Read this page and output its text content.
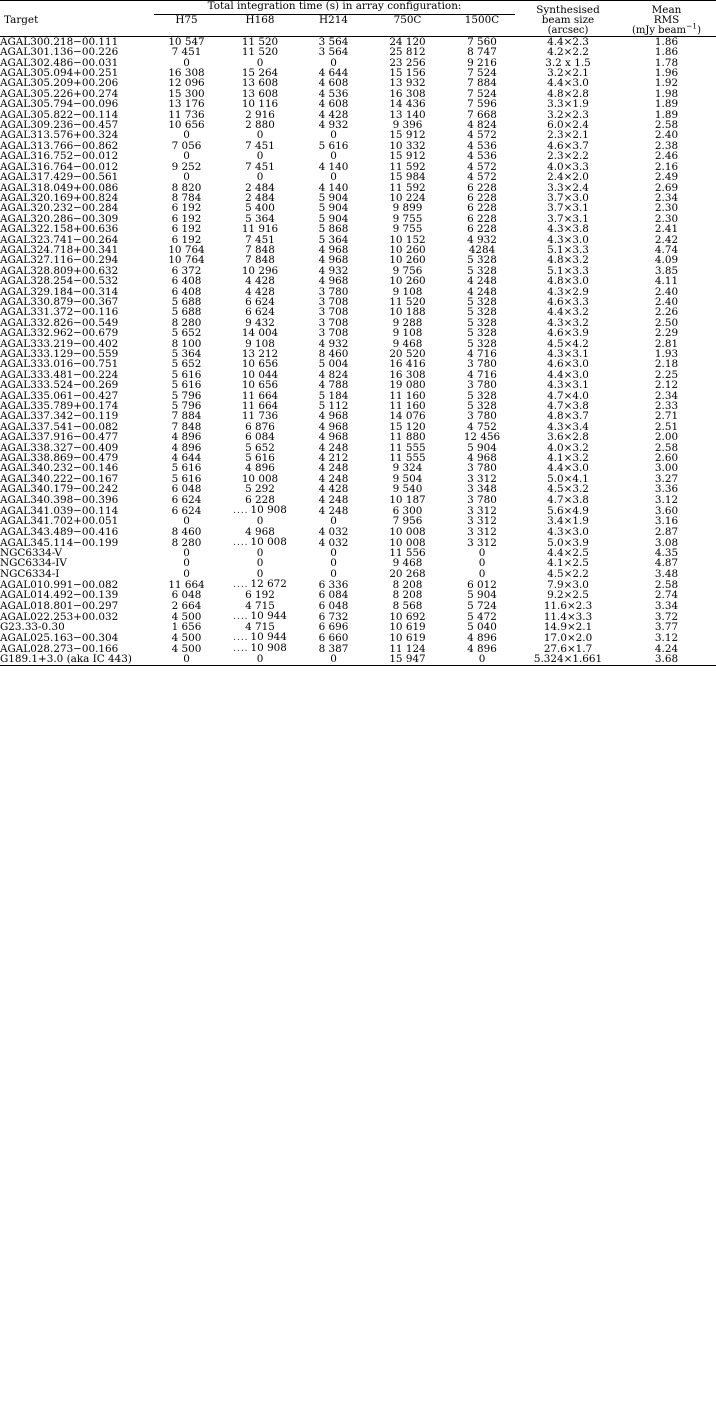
	Total integration time (s) in array configuration:					Synthesised	Mean
Target	H75	H168	H214	750C	1500C	beam size	RMS
						(arcsec)	(mJy beam$^{-1}$)

AGAL300.218−00.111	10 547	11 520	3 564	24 120	7 560	4.4×2.3	1.86
AGAL301.136−00.226	7 451	11 520	3 564	25 812	8 747	4.2×2.2	1.86
AGAL302.486−00.031	0	0	0	23 256	9 216	3.2 x 1.5	1.78
AGAL305.094+00.251	16 308	15 264	4 644	15 156	7 524	3.2×2.1	1.96
AGAL305.209+00.206	12 096	13 608	4 608	13 932	7 884	4.4×3.0	1.92
AGAL305.226+00.274	15 300	13 608	4 536	16 308	7 524	4.8×2.8	1.98
AGAL305.794−00.096	13 176	10 116	4 608	14 436	7 596	3.3×1.9	1.89
AGAL305.822−00.114	11 736	2 916	4 428	13 140	7 668	3.2×2.3	1.89
AGAL309.236−00.457	10 656	2 880	4 932	9 396	4 824	6.0×2.4	2.58
AGAL313.576+00.324	0	0	0	15 912	4 572	2.3×2.1	2.40
AGAL313.766−00.862	7 056	7 451	5 616	10 332	4 536	4.6×3.7	2.38
AGAL316.752−00.012	0	0	0	15 912	4 536	2.3×2.2	2.46
AGAL316.764−00.012	9 252	7 451	4 140	11 592	4 572	4.0×3.3	2.16
AGAL317.429−00.561	0	0	0	15 984	4 572	2.4×2.0	2.49
AGAL318.049+00.086	8 820	2 484	4 140	11 592	6 228	3.3×2.4	2.69
AGAL320.169+00.824	8 784	2 484	5 904	10 224	6 228	3.7×3.0	2.34
AGAL320.232−00.284	6 192	5 400	5 904	9 899	6 228	3.7×3.1	2.30
AGAL320.286−00.309	6 192	5 364	5 904	9 755	6 228	3.7×3.1	2.30
AGAL322.158+00.636	6 192	11 916	5 868	9 755	6 228	4.3×3.8	2.41
AGAL323.741−00.264	6 192	7 451	5 364	10 152	4 932	4.3×3.0	2.42
AGAL324.718+00.341	10 764	7 848	4 968	10 260	4284	5.1×3.3	4.74
AGAL327.116−00.294	10 764	7 848	4 968	10 260	5 328	4.8×3.2	4.09
AGAL328.809+00.632	6 372	10 296	4 932	9 756	5 328	5.1×3.3	3.85
AGAL328.254−00.532	6 408	4 428	4 968	10 260	4 248	4.8×3.0	4.11
AGAL329.184−00.314	6 408	4 428	3 780	9 108	4 248	4.3×2.9	2.40
AGAL330.879−00.367	5 688	6 624	3 708	11 520	5 328	4.6×3.3	2.40
AGAL331.372−00.116	5 688	6 624	3 708	10 188	5 328	4.4×3.2	2.26
AGAL332.826−00.549	8 280	9 432	3 708	9 288	5 328	4.3×3.2	2.50
AGAL332.962−00.679	5 652	14 004	3 708	9 108	5 328	4.6×3.9	2.29
AGAL333.219−00.402	8 100	9 108	4 932	9 468	5 328	4.5×4.2	2.81
AGAL333.129−00.559	5 364	13 212	8 460	20 520	4 716	4.3×3.1	1.93
AGAL333.016−00.751	5 652	10 656	5 004	16 416	3 780	4.6×3.0	2.18
AGAL333.481−00.224	5 616	10 044	4 824	16 308	4 716	4.4×3.0	2.25
AGAL333.524−00.269	5 616	10 656	4 788	19 080	3 780	4.3×3.1	2.12
AGAL335.061−00.427	5 796	11 664	5 184	11 160	5 328	4.7×4.0	2.34
AGAL335.789+00.174	5 796	11 664	5 112	11 160	5 328	4.7×3.8	2.33
AGAL337.342−00.119	7 884	11 736	4 968	14 076	3 780	4.8×3.7	2.71
AGAL337.541−00.082	7 848	6 876	4 968	15 120	4 752	4.3×3.4	2.51
AGAL337.916−00.477	4 896	6 084	4 968	11 880	12 456	3.6×2.8	2.00
AGAL338.327−00.409	4 896	5 652	4 248	11 555	5 904	4.0×3.2	2.58
AGAL338.869−00.479	4 644	5 616	4 212	11 555	4 968	4.1×3.2	2.60
AGAL340.232−00.146	5 616	4 896	4 248	9 324	3 780	4.4×3.0	3.00
AGAL340.222−00.167	5 616	10 008	4 248	9 504	3 312	5.0×4.1	3.27
AGAL340.179−00.242	6 048	5 292	4 428	9 540	3 348	4.5×3.2	3.36
AGAL340.398−00.396	6 624	6 228	4 248	10 187	3 780	4.7×3.8	3.12
AGAL341.039−00.114	6 624	.... 10 908	4 248	6 300	3 312	5.6×4.9	3.60
AGAL341.702+00.051	0	0	0	7 956	3 312	3.4×1.9	3.16
AGAL343.489−00.416	8 460	4 968	4 032	10 008	3 312	4.3×3.0	2.87
AGAL345.114−00.199	8 280	.... 10 008	4 032	10 008	3 312	5.0×3.9	3.08
NGC6334-V	0	0	0	11 556	0	4.4×2.5	4.35
NGC6334-IV	0	0	0	9 468	0	4.1×2.5	4.87
NGC6334-I	0	0	0	20 268	0	4.5×2.2	3.48
AGAL010.991−00.082	11 664	.... 12 672	6 336	8 208	6 012	7.9×3.0	2.58
AGAL014.492−00.139	6 048	6 192	6 084	8 208	5 904	9.2×2.5	2.74
AGAL018.801−00.297	2 664	4 715	6 048	8 568	5 724	11.6×2.3	3.34
AGAL022.253+00.032	4 500	.... 10 944	6 732	10 692	5 472	11.4×3.3	3.72
G23.33-0.30	1 656	4 715	6 696	10 619	5 040	14.9×2.1	3.77
AGAL025.163−00.304	4 500	.... 10 944	6 660	10 619	4 896	17.0×2.0	3.12
AGAL028.273−00.166	4 500	.... 10 908	8 387	11 124	4 896	27.6×1.7	4.24
G189.1+3.0 (aka IC 443)	0	0	0	15 947	0	5.324×1.661	3.68
